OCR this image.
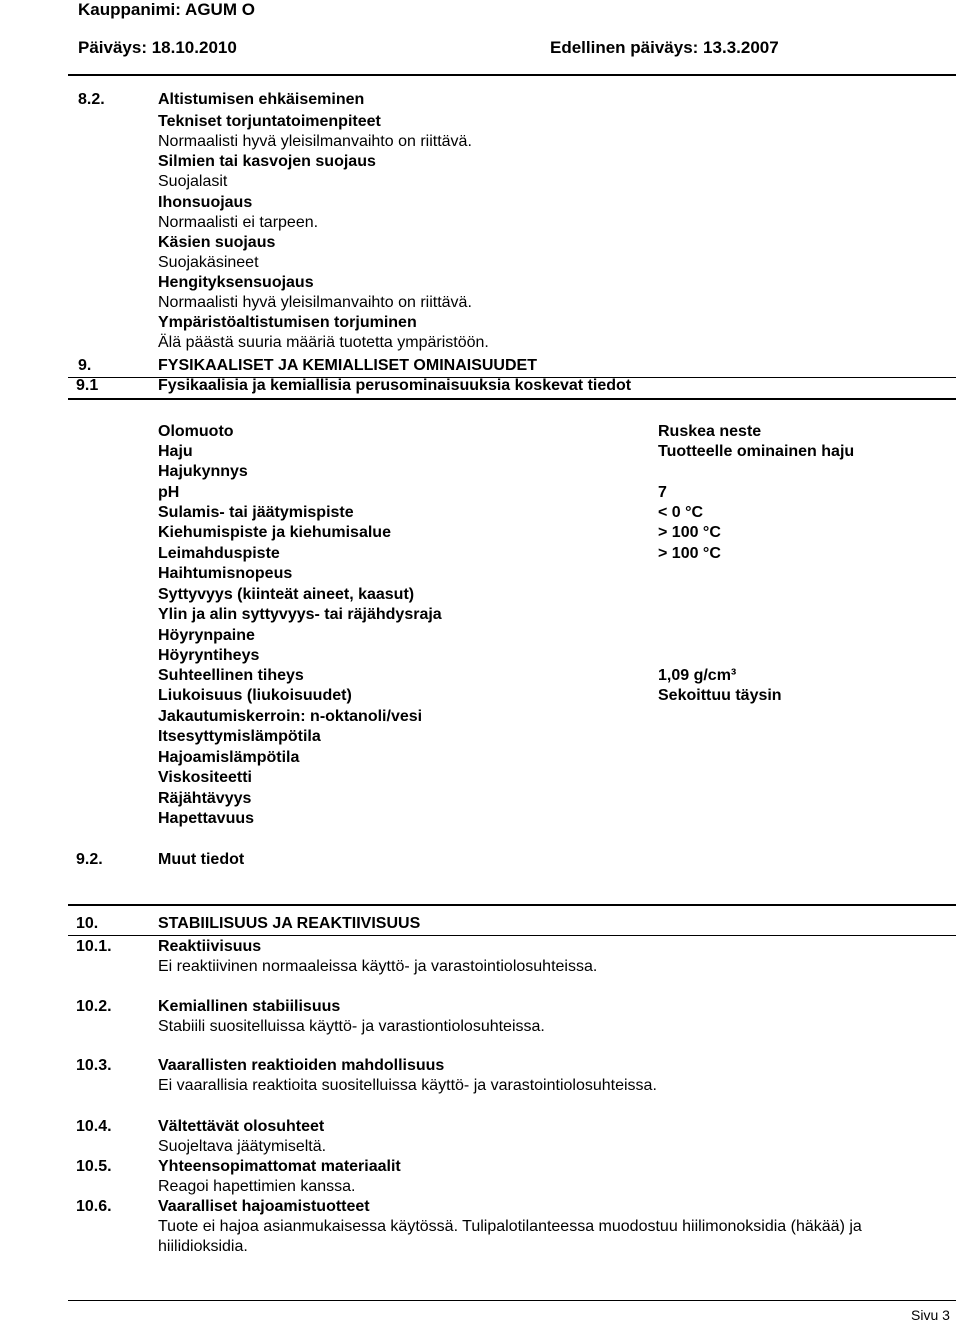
Kauppanimi: AGUM O
Päiväys: 18.10.2010	Edellinen päiväys: 13.3.2007
8.2.	Altistumisen ehkäiseminen
Tekniset torjuntatoimenpiteet
Normaalisti hyvä yleisilmanvaihto on riittävä.
Silmien tai kasvojen suojaus
Suojalasit
Ihonsuojaus
Normaalisti ei tarpeen.
Käsien suojaus
Suojakäsineet
Hengityksensuojaus
Normaalisti hyvä yleisilmanvaihto on riittävä.
Ympäristöaltistumisen torjuminen
Älä päästä suuria määriä tuotetta ympäristöön.
9.	FYSIKAALISET JA KEMIALLISET OMINAISUUDET
9.1	Fysikaalisia ja kemiallisia perusominaisuuksia koskevat tiedot
Olomuoto	Ruskea neste
Haju	Tuotteelle ominainen haju
Hajukynnys
pH	7
Sulamis- tai jäätymispiste	< 0 °C
Kiehumispiste ja kiehumisalue	> 100 °C
Leimahduspiste	> 100 °C
Haihtumisnopeus
Syttyvyys (kiinteät aineet, kaasut)
Ylin ja alin syttyvyys- tai räjähdysraja
Höyrynpaine
Höyryntiheys
Suhteellinen tiheys	1,09 g/cm³
Liukoisuus (liukoisuudet)	Sekoittuu täysin
Jakautumiskerroin: n-oktanoli/vesi
Itsesyttymislämpötila
Hajoamislämpötila
Viskositeetti
Räjähtävyys
Hapettavuus
9.2.	Muut tiedot
10.	STABIILISUUS JA REAKTIIVISUUS
10.1.	Reaktiivisuus
Ei reaktiivinen normaaleissa käyttö- ja varastointiolosuhteissa.
10.2.	Kemiallinen stabiilisuus
Stabiili suositelluissa käyttö- ja varastiontiolosuhteissa.
10.3.	Vaarallisten reaktioiden mahdollisuus
Ei vaarallisia reaktioita suositelluissa käyttö- ja varastointiolosuhteissa.
10.4.	Vältettävät olosuhteet
Suojeltava jäätymiseltä.
10.5.	Yhteensopimattomat materiaalit
Reagoi hapettimien kanssa.
10.6.	Vaaralliset hajoamistuotteet
Tuote ei hajoa asianmukaisessa käytössä. Tulipalotilanteessa muodostuu hiilimonoksidia (häkää) ja
hiilidioksidia.
Sivu 3
